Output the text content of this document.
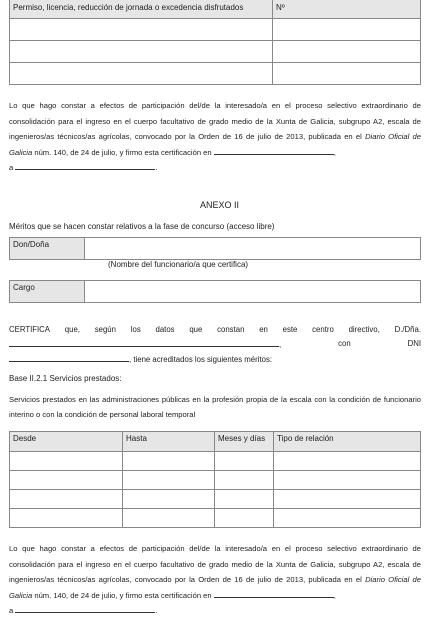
Permiso, licencia, reducción de jornada o excedencia disfrutados	Nº

Lo que hago constar a efectos de participación del/de la interesado/a en el proceso selectivo extraordinario de consolidación para el ingreso en el cuerpo facultativo de grado medio de la Xunta de Galicia, subgrupo A2, escala de ingenieros/as técnicos/as agrícolas, convocado por la Orden de 16 de julio de 2013, publicada en el Diario Oficial de Galicia núm. 140, de 24 de julio, y firmo esta certificación en	,
a	.
ANEXO II
Méritos que se hacen constar relativos a la fase de concurso (acceso libre)
Don/Doña	
(Nombre del funcionario/a que certifica)
Cargo	
CERTIFICA que, según los datos que constan en este centro directivo, D./Dña.
,	con	DNI
, tiene acreditados los siguientes méritos:
Base II.2.1 Servicios prestados:
Servicios prestados en las administraciones públicas en la profesión propia de la escala con la condición de funcionario interino o con la condición de personal laboral temporal
Desde	Hasta	Meses y días	Tipo de relación

Lo que hago constar a efectos de participación del/de la interesado/a en el proceso selectivo extraordinario de consolidación para el ingreso en el cuerpo facultativo de grado medio de la Xunta de Galicia, subgrupo A2, escala de ingenieros/as técnicos/as agrícolas, convocado por la Orden de 16 de julio de 2013, publicada en el Diario Oficial de Galicia núm. 140, de 24 de julio, y firmo esta certificación en	,
a	.
